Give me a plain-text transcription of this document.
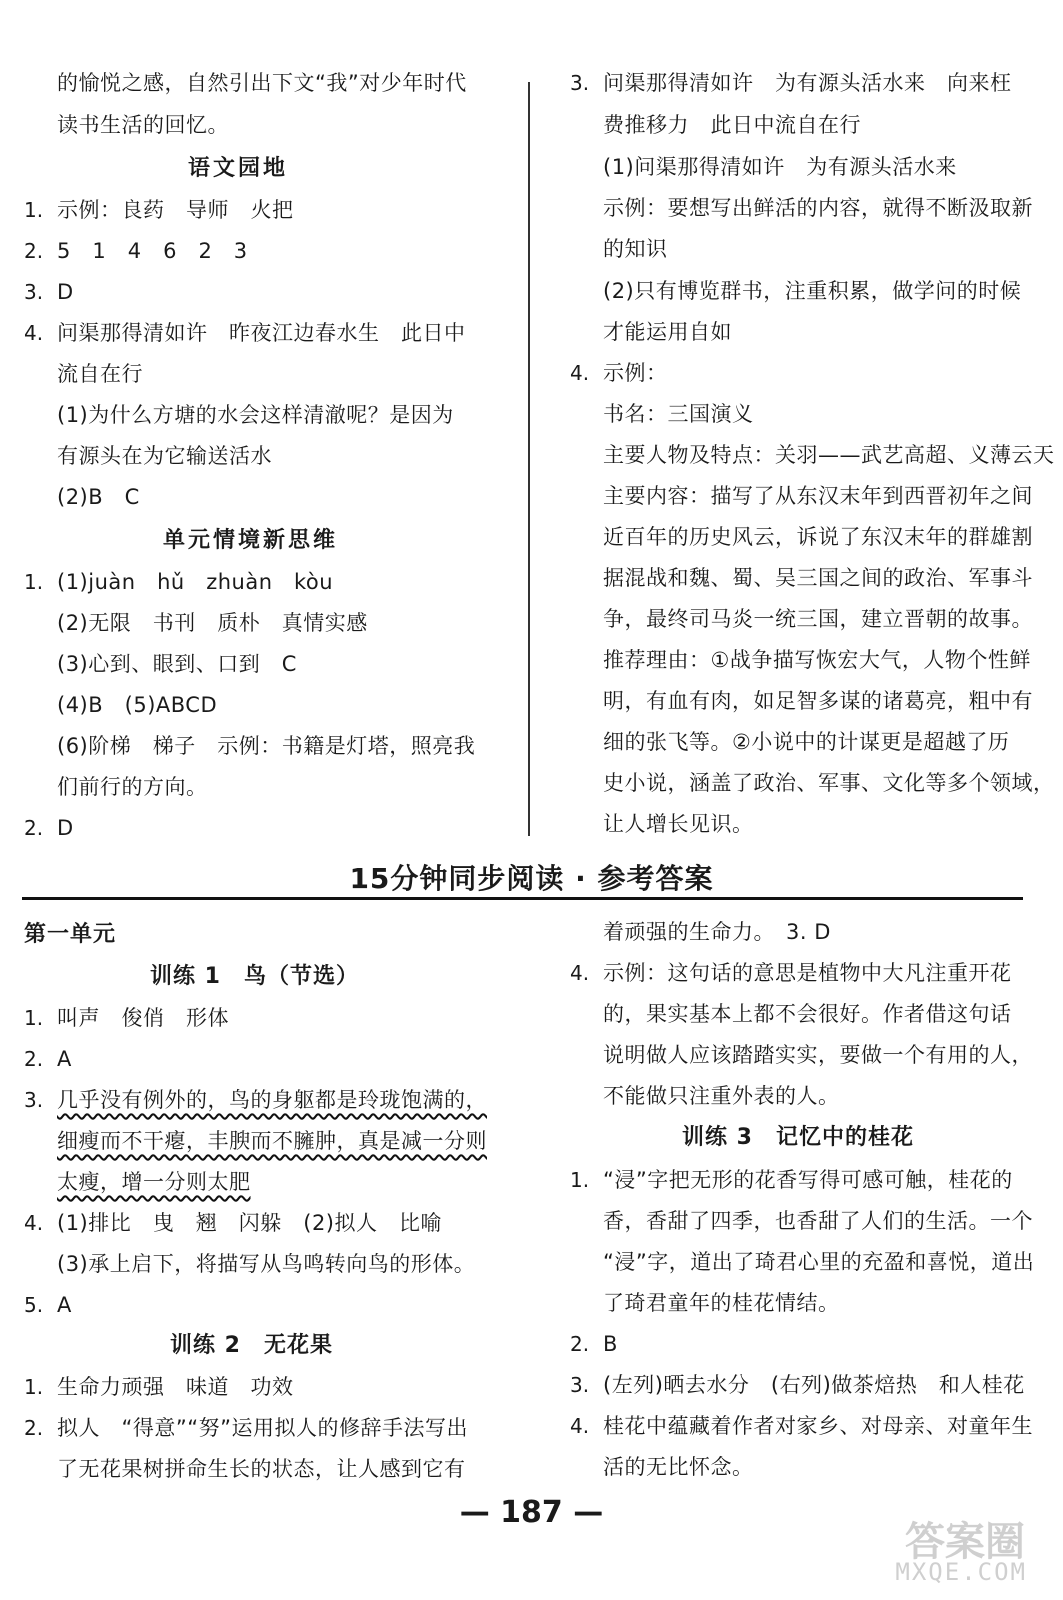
的愉悦之感，自然引出下文“我”对少年时代
读书生活的回忆。
语文园地
1. 示例：良药　导师　火把
2. 5　1　4　6　2　3
3. D
4. 问渠那得清如许　昨夜江边春水生　此日中
流自在行
(1)为什么方塘的水会这样清澈呢？是因为
有源头在为它输送活水
(2)B　C
单元情境新思维
1. (1)juàn　hǔ　zhuàn　kòu
(2)无限　书刊　质朴　真情实感
(3)心到、眼到、口到　C
(4)B　(5)ABCD
(6)阶梯　梯子　示例：书籍是灯塔，照亮我
们前行的方向。
2. D
3. 问渠那得清如许　为有源头活水来　向来枉
费推移力　此日中流自在行
(1)问渠那得清如许　为有源头活水来
示例：要想写出鲜活的内容，就得不断汲取新
的知识
(2)只有博览群书，注重积累，做学问的时候
才能运用自如
4. 示例：
书名：三国演义
主要人物及特点：关羽——武艺高超、义薄云天
主要内容：描写了从东汉末年到西晋初年之间
近百年的历史风云，诉说了东汉末年的群雄割
据混战和魏、蜀、吴三国之间的政治、军事斗
争，最终司马炎一统三国，建立晋朝的故事。
推荐理由：①战争描写恢宏大气，人物个性鲜
明，有血有肉，如足智多谋的诸葛亮，粗中有
细的张飞等。②小说中的计谋更是超越了历
史小说，涵盖了政治、军事、文化等多个领域，
让人增长见识。
15分钟同步阅读 · 参考答案
第一单元
训练 1　鸟（节选）
1. 叫声　俊俏　形体
2. A
3. 几乎没有例外的，鸟的身躯都是玲珑饱满的，
细瘦而不干瘪，丰腴而不臃肿，真是减一分则
太瘦，增一分则太肥
4. (1)排比　曳　翘　闪躲　(2)拟人　比喻
(3)承上启下，将描写从鸟鸣转向鸟的形体。
5. A
训练 2　无花果
1. 生命力顽强　味道　功效
2. 拟人　“得意”“努”运用拟人的修辞手法写出
了无花果树拼命生长的状态，让人感到它有
着顽强的生命力。　3. D
4. 示例：这句话的意思是植物中大凡注重开花
的，果实基本上都不会很好。作者借这句话
说明做人应该踏踏实实，要做一个有用的人，
不能做只注重外表的人。
训练 3　记忆中的桂花
1. “浸”字把无形的花香写得可感可触，桂花的
香，香甜了四季，也香甜了人们的生活。一个
“浸”字，道出了琦君心里的充盈和喜悦，道出
了琦君童年的桂花情结。
2. B
3. (左列)晒去水分　(右列)做茶焙热　和人桂花
4. 桂花中蕴藏着作者对家乡、对母亲、对童年生
活的无比怀念。
— 187 —
答案圈
MXQE.COM
